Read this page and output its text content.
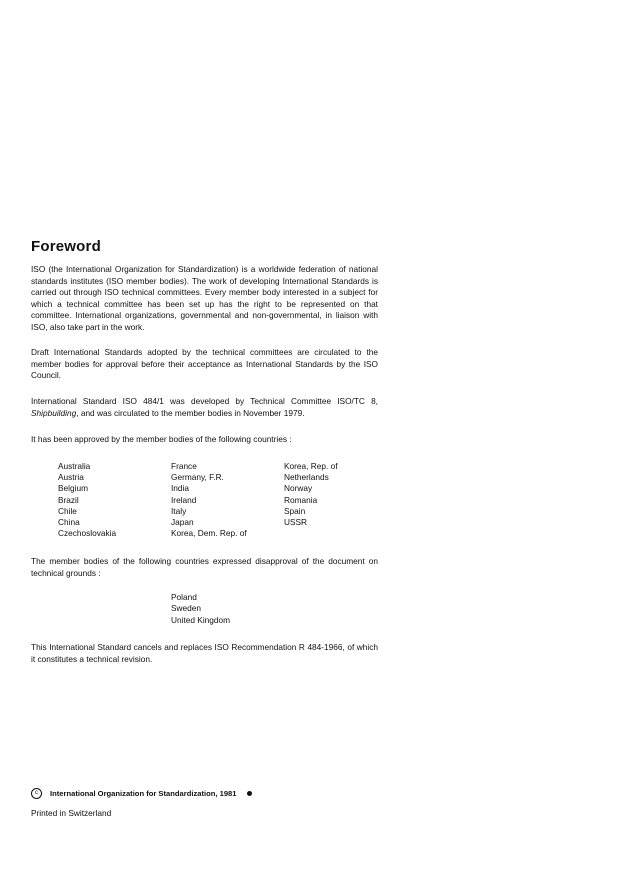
Foreword

ISO (the International Organization for Standardization) is a worldwide federation of national standards institutes (ISO member bodies). The work of developing International Standards is carried out through ISO technical committees. Every member body interested in a subject for which a technical committee has been set up has the right to be represented on that committee. International organizations, governmental and non-governmental, in liaison with ISO, also take part in the work.

Draft International Standards adopted by the technical committees are circulated to the member bodies for approval before their acceptance as International Standards by the ISO Council.

International Standard ISO 484/1 was developed by Technical Committee ISO/TC 8, Shipbuilding, and was circulated to the member bodies in November 1979.

It has been approved by the member bodies of the following countries :

Australia
Austria
Belgium
Brazil
Chile
China
Czechoslovakia
France
Germany, F.R.
India
Ireland
Italy
Japan
Korea, Dem. Rep. of
Korea, Rep. of
Netherlands
Norway
Romania
Spain
USSR

The member bodies of the following countries expressed disapproval of the document on technical grounds :

Poland
Sweden
United Kingdom

This International Standard cancels and replaces ISO Recommendation R 484-1966, of which it constitutes a technical revision.

c	International Organization for Standardization, 1981

Printed in Switzerland
